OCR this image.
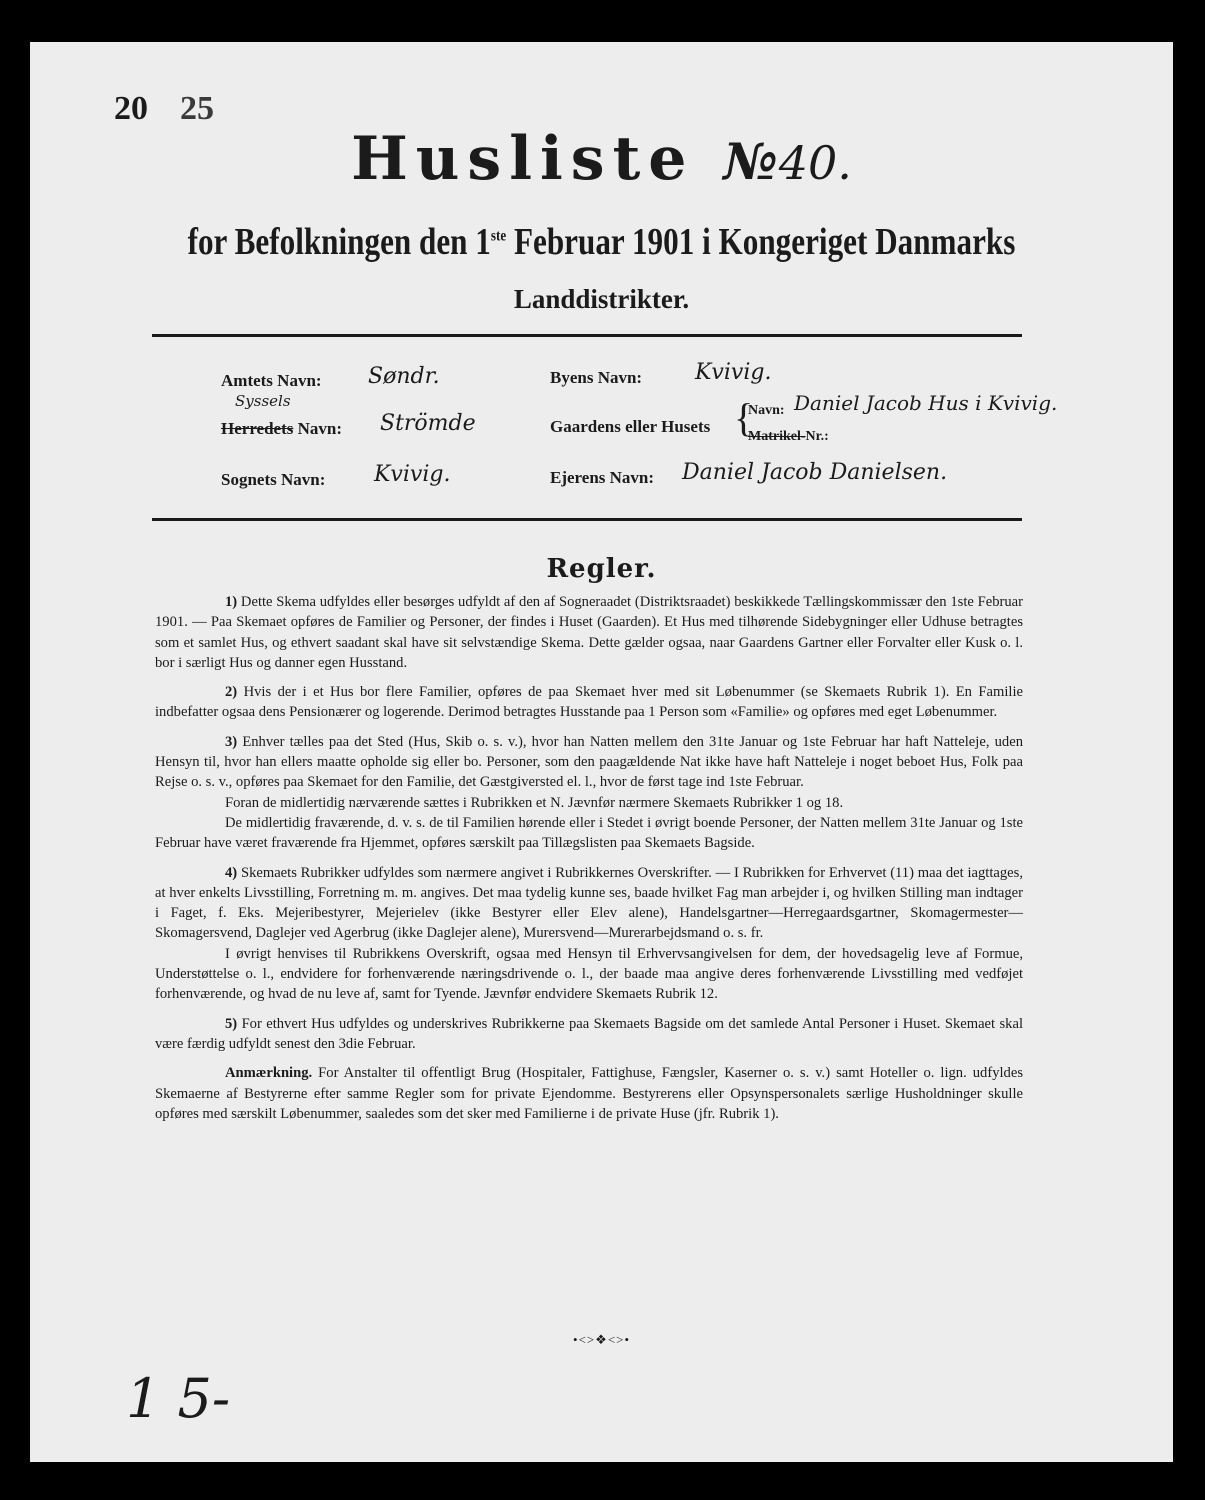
20 25
Husliste №40.
for Befolkningen den 1ste Februar 1901 i Kongeriget Danmarks
Landdistrikter.
Amtets Navn: Søndr.
Syssels
Herredets Navn: Strömde
Sognets Navn: Kvivig.
Byens Navn: Kvivig.
Gaardens eller Husets {
Navn: Daniel Jacob Hus i Kvivig.
Matrikel-Nr.:
Ejerens Navn: Daniel Jacob Danielsen.
Regler.

1) Dette Skema udfyldes eller besørges udfyldt af den af Sogneraadet (Distriktsraadet) beskikkede Tællingskommissær den 1ste Februar 1901. — Paa Skemaet opføres de Familier og Personer, der findes i Huset (Gaarden). Et Hus med tilhørende Sidebygninger eller Udhuse betragtes som et samlet Hus, og ethvert saadant skal have sit selvstændige Skema. Dette gælder ogsaa, naar Gaardens Gartner eller Forvalter eller Kusk o. l. bor i særligt Hus og danner egen Husstand.

2) Hvis der i et Hus bor flere Familier, opføres de paa Skemaet hver med sit Løbenummer (se Skemaets Rubrik 1). En Familie indbefatter ogsaa dens Pensionærer og logerende. Derimod betragtes Husstande paa 1 Person som «Familie» og opføres med eget Løbenummer.

3) Enhver tælles paa det Sted (Hus, Skib o. s. v.), hvor han Natten mellem den 31te Januar og 1ste Februar har haft Natteleje, uden Hensyn til, hvor han ellers maatte opholde sig eller bo. Personer, som den paagældende Nat ikke have haft Natteleje i noget beboet Hus, Folk paa Rejse o. s. v., opføres paa Skemaet for den Familie, det Gæstgiversted el. l., hvor de først tage ind 1ste Februar.

Foran de midlertidig nærværende sættes i Rubrikken et N. Jævnfør nærmere Skemaets Rubrikker 1 og 18.

De midlertidig fraværende, d. v. s. de til Familien hørende eller i Stedet i øvrigt boende Personer, der Natten mellem 31te Januar og 1ste Februar have været fraværende fra Hjemmet, opføres særskilt paa Tillægslisten paa Skemaets Bagside.

4) Skemaets Rubrikker udfyldes som nærmere angivet i Rubrikkernes Overskrifter. — I Rubrikken for Erhvervet (11) maa det iagttages, at hver enkelts Livsstilling, Forretning m. m. angives. Det maa tydelig kunne ses, baade hvilket Fag man arbejder i, og hvilken Stilling man indtager i Faget, f. Eks. Mejeribestyrer, Mejerielev (ikke Bestyrer eller Elev alene), Handelsgartner—Herregaardsgartner, Skomagermester—Skomagersvend, Daglejer ved Agerbrug (ikke Daglejer alene), Murersvend—Murerarbejdsmand o. s. fr.

I øvrigt henvises til Rubrikkens Overskrift, ogsaa med Hensyn til Erhvervsangivelsen for dem, der hovedsagelig leve af Formue, Understøttelse o. l., endvidere for forhenværende næringsdrivende o. l., der baade maa angive deres forhenværende Livsstilling med vedføjet forhenværende, og hvad de nu leve af, samt for Tyende. Jævnfør endvidere Skemaets Rubrik 12.

5) For ethvert Hus udfyldes og underskrives Rubrikkerne paa Skemaets Bagside om det samlede Antal Personer i Huset. Skemaet skal være færdig udfyldt senest den 3die Februar.

Anmærkning. For Anstalter til offentligt Brug (Hospitaler, Fattighuse, Fængsler, Kaserner o. s. v.) samt Hoteller o. lign. udfyldes Skemaerne af Bestyrerne efter samme Regler som for private Ejendomme. Bestyrerens eller Opsynspersonalets særlige Husholdninger skulle opføres med særskilt Løbenummer, saaledes som det sker med Familierne i de private Huse (jfr. Rubrik 1).

•<>❖<>•
1 5-
